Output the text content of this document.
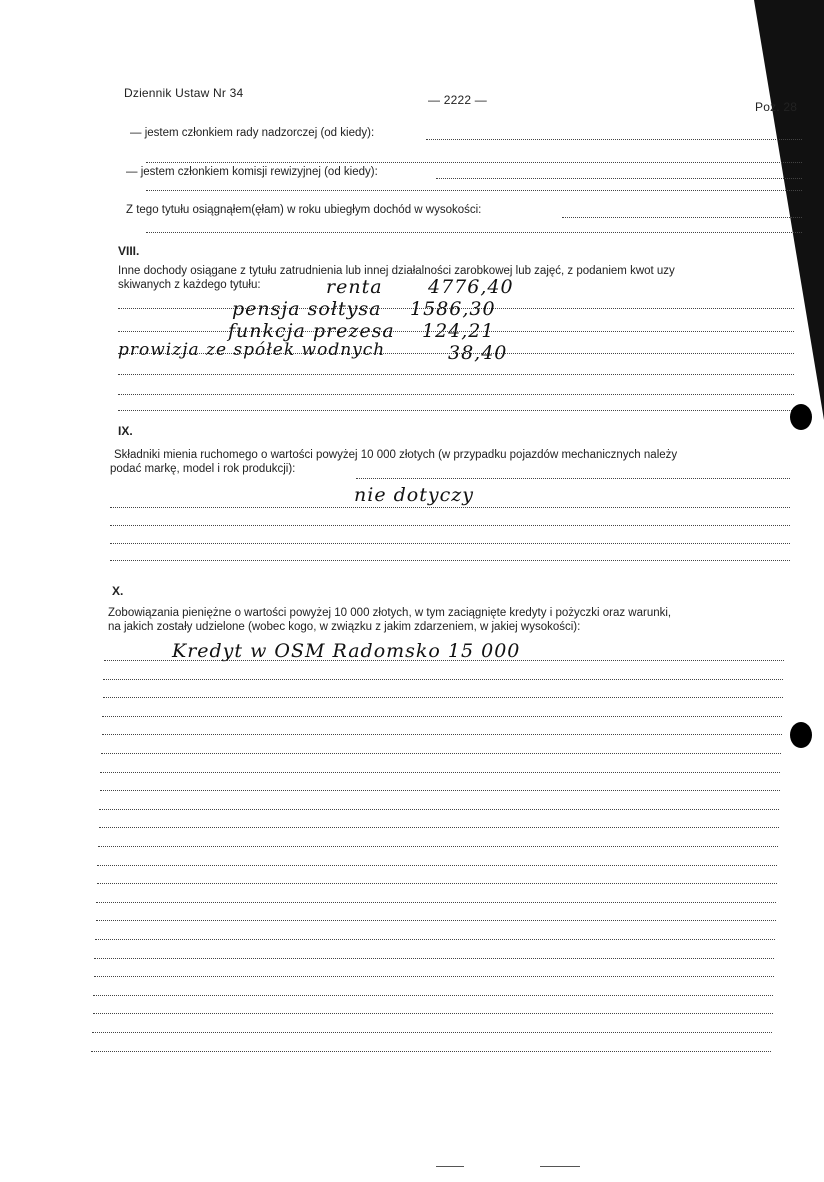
Dziennik Ustaw Nr 34	— 2222 —	Poz. 28
— jestem członkiem rady nadzorczej (od kiedy):
— jestem członkiem komisji rewizyjnej (od kiedy):
Z tego tytułu osiągnąłem(ęłam) w roku ubiegłym dochód w wysokości:
VIII.
Inne dochody osiągane z tytułu zatrudnienia lub innej działalności zarobkowej lub zajęć, z podaniem kwot uzy
skiwanych z każdego tytułu:	renta 4776,40
pensja sołtysa 1586,30
funkcja prezesa 124,21
prowizja ze spółek wodnych	38,40
IX.
Składniki mienia ruchomego o wartości powyżej 10 000 złotych (w przypadku pojazdów mechanicznych należy
podać markę, model i rok produkcji):
nie dotyczy
X.
Zobowiązania pieniężne o wartości powyżej 10 000 złotych, w tym zaciągnięte kredyty i pożyczki oraz warunki,
na jakich zostały udzielone (wobec kogo, w związku z jakim zdarzeniem, w jakiej wysokości):
Kredyt w OSM Radomsko 15 000
